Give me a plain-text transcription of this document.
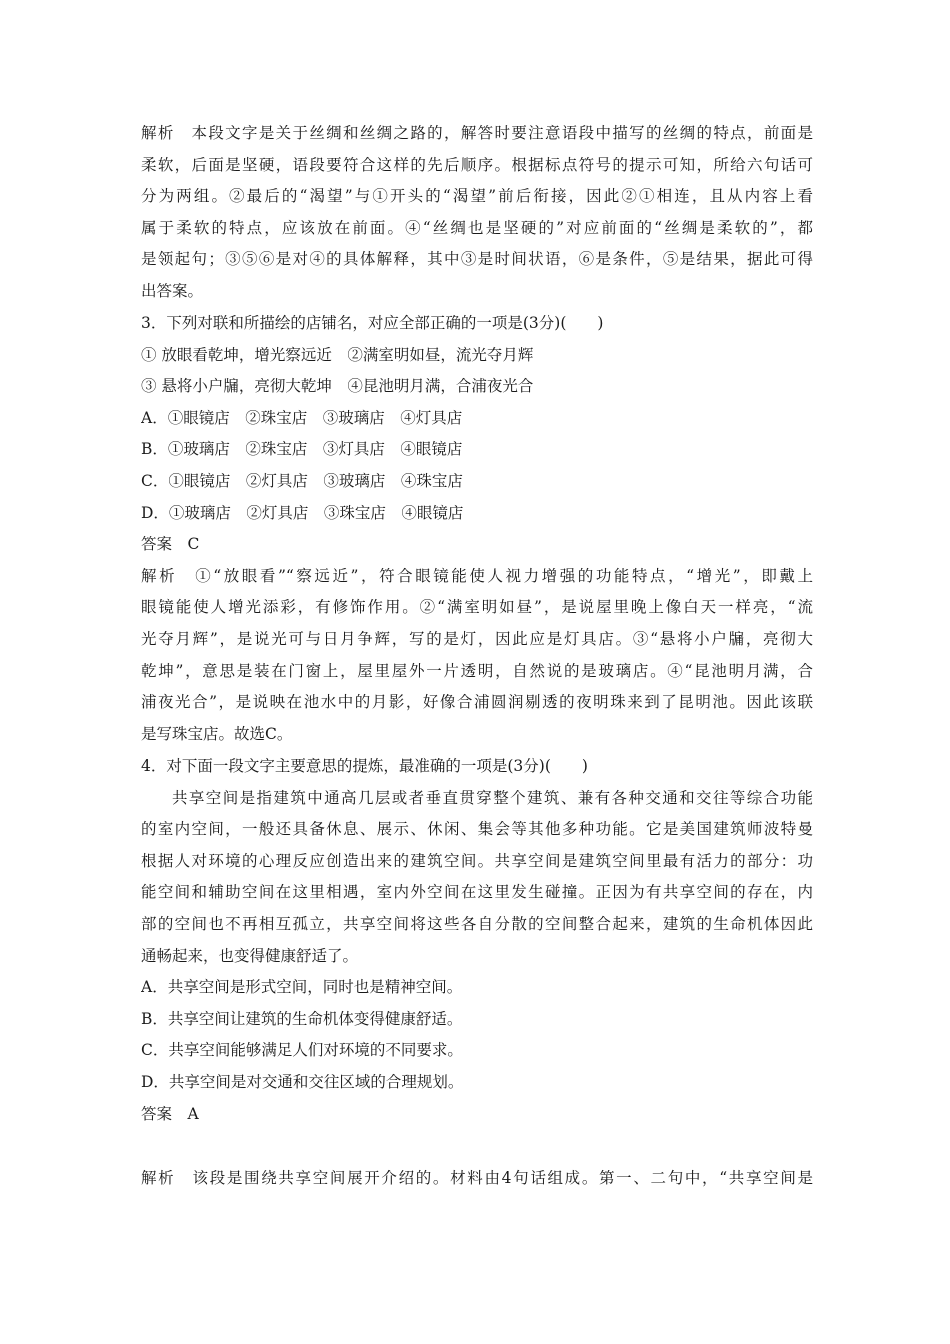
解析　本段文字是关于丝绸和丝绸之路的，解答时要注意语段中描写的丝绸的特点，前面是
柔软，后面是坚硬，语段要符合这样的先后顺序。根据标点符号的提示可知，所给六句话可
分为两组。②最后的“渴望”与①开头的“渴望”前后衔接，因此②①相连，且从内容上看
属于柔软的特点，应该放在前面。④“丝绸也是坚硬的”对应前面的“丝绸是柔软的”，都
是领起句；③⑤⑥是对④的具体解释，其中③是时间状语，⑥是条件，⑤是结果，据此可得
出答案。
3．下列对联和所描绘的店铺名，对应全部正确的一项是(3分)(　　)
① 放眼看乾坤，增光察远近　②满室明如昼，流光夺月辉
③ 悬将小户牖，亮彻大乾坤　④昆池明月满，合浦夜光合
A．①眼镜店　②珠宝店　③玻璃店　④灯具店
B．①玻璃店　②珠宝店　③灯具店　④眼镜店
C．①眼镜店　②灯具店　③玻璃店　④珠宝店
D．①玻璃店　②灯具店　③珠宝店　④眼镜店
答案　C
解析　①“放眼看”“察远近”，符合眼镜能使人视力增强的功能特点，“增光”，即戴上
眼镜能使人增光添彩，有修饰作用。②“满室明如昼”，是说屋里晚上像白天一样亮，“流
光夺月辉”，是说光可与日月争辉，写的是灯，因此应是灯具店。③“悬将小户牖，亮彻大
乾坤”，意思是装在门窗上，屋里屋外一片透明，自然说的是玻璃店。④“昆池明月满，合
浦夜光合”，是说映在池水中的月影，好像合浦圆润剔透的夜明珠来到了昆明池。因此该联
是写珠宝店。故选C。
4．对下面一段文字主要意思的提炼，最准确的一项是(3分)(　　)
共享空间是指建筑中通高几层或者垂直贯穿整个建筑、兼有各种交通和交往等综合功能
的室内空间，一般还具备休息、展示、休闲、集会等其他多种功能。它是美国建筑师波特曼
根据人对环境的心理反应创造出来的建筑空间。共享空间是建筑空间里最有活力的部分：功
能空间和辅助空间在这里相遇，室内外空间在这里发生碰撞。正因为有共享空间的存在，内
部的空间也不再相互孤立，共享空间将这些各自分散的空间整合起来，建筑的生命机体因此
通畅起来，也变得健康舒适了。
A．共享空间是形式空间，同时也是精神空间。
B．共享空间让建筑的生命机体变得健康舒适。
C．共享空间能够满足人们对环境的不同要求。
D．共享空间是对交通和交往区域的合理规划。
答案　A
解析　该段是围绕共享空间展开介绍的。材料由4句话组成。第一、二句中，“共享空间是
